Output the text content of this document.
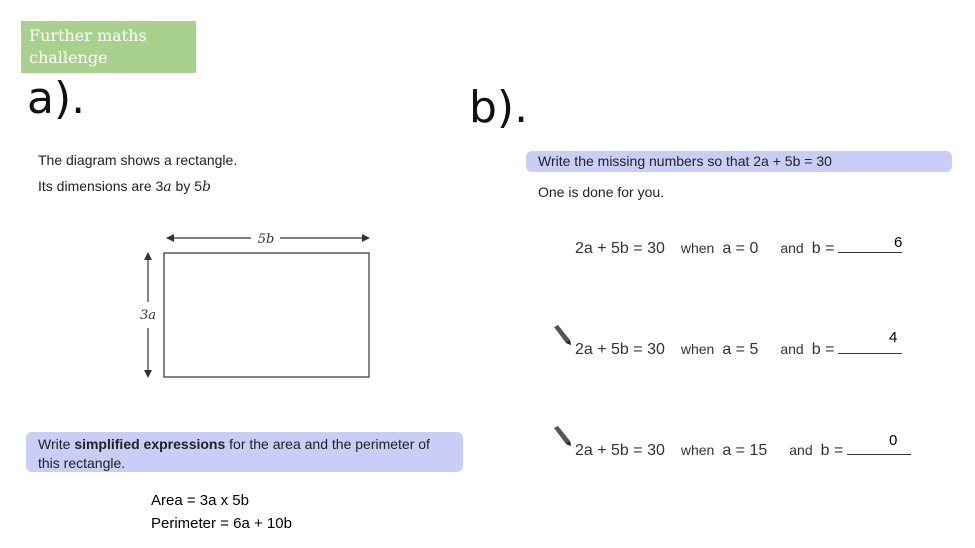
Further maths
challenge
a).
The diagram shows a rectangle.
Its dimensions are 3a by 5b
5b
3a
Write simplified expressions for the area and the perimeter of
this rectangle.
Area = 3a x 5b
Perimeter = 6a + 10b
b).
Write the missing numbers so that 2a + 5b = 30
One is done for you.
2a + 5b = 30 when a = 0 and b =	6
2a + 5b = 30 when a = 5 and b =
4
2a + 5b = 30 when a = 15 and b =
0
